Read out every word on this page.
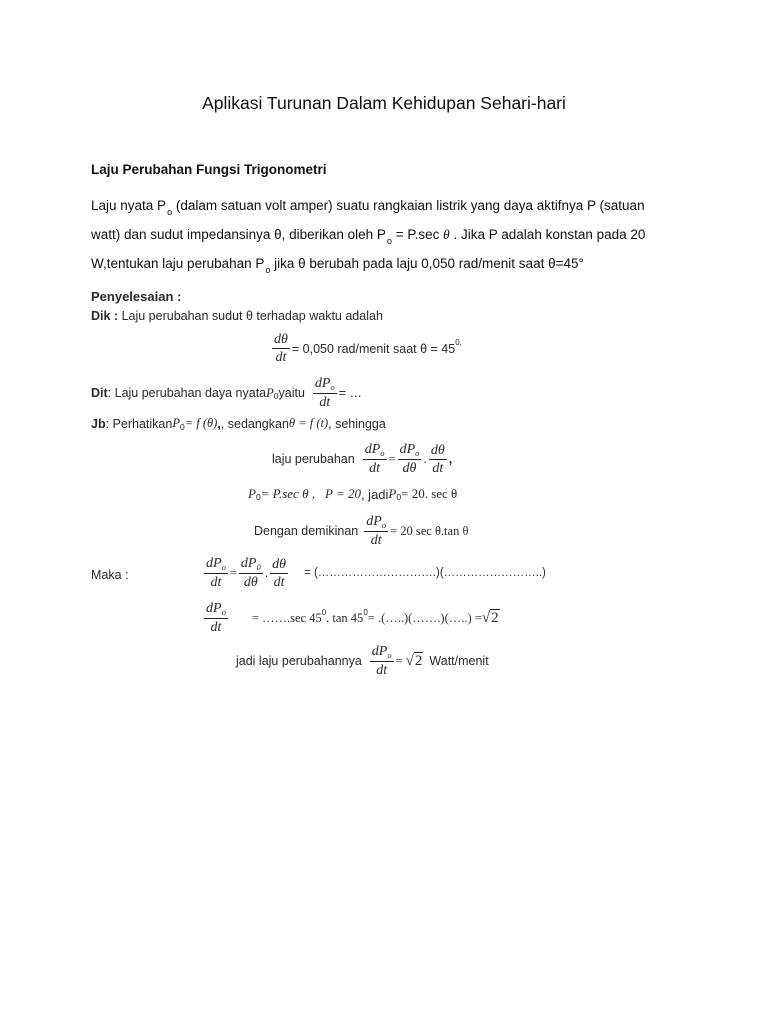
Aplikasi Turunan Dalam Kehidupan Sehari-hari
Laju Perubahan Fungsi Trigonometri
Laju nyata $P_o$ (dalam satuan volt amper) suatu rangkaian listrik yang daya aktifnya P (satuan
watt) dan sudut impedansinya θ, diberikan oleh $P_o = P.\sec$ θ . Jika P adalah konstan pada 20
W,tentukan laju perubahan $P_o$ jika θ berubah pada laju 0,050 rad/menit saat θ=45°
Penyelesaian :
Dik : Laju perubahan sudut θ terhadap waktu adalah
$\frac{d\theta}{dt} = 0,050$ rad/menit saat θ = 45 0.
Dit : Laju perubahan daya nyata P 0 yaitu $\frac{dP_o}{dt}$ = …
Jb : Perhatikan P 0 = f (θ) , , sedangkan θ = f (t) , sehingga
laju perubahan $\frac{dP_o}{dt} = \frac{dP_o}{d\theta}$ . $\frac{d\theta}{dt}$ ,
P 0 = P.sec θ , P = 20 , jadi P 0 = 20. sec θ
Dengan demikinan $\frac{dP_o}{dt} = 20$ sec θ.tan θ
Maka :	$\frac{dP_o}{dt} = \frac{dP_0}{d\theta}$ . $\frac{d\theta}{dt}$ = (………………………….)(……………………..)
$\frac{dP_o}{dt}$ = …….sec 45 0 . tan 45 0 = .(…..)(…….)(…..) = √2
jadi laju perubahannya $\frac{dP_o}{dt} = √2$ Watt/menit
